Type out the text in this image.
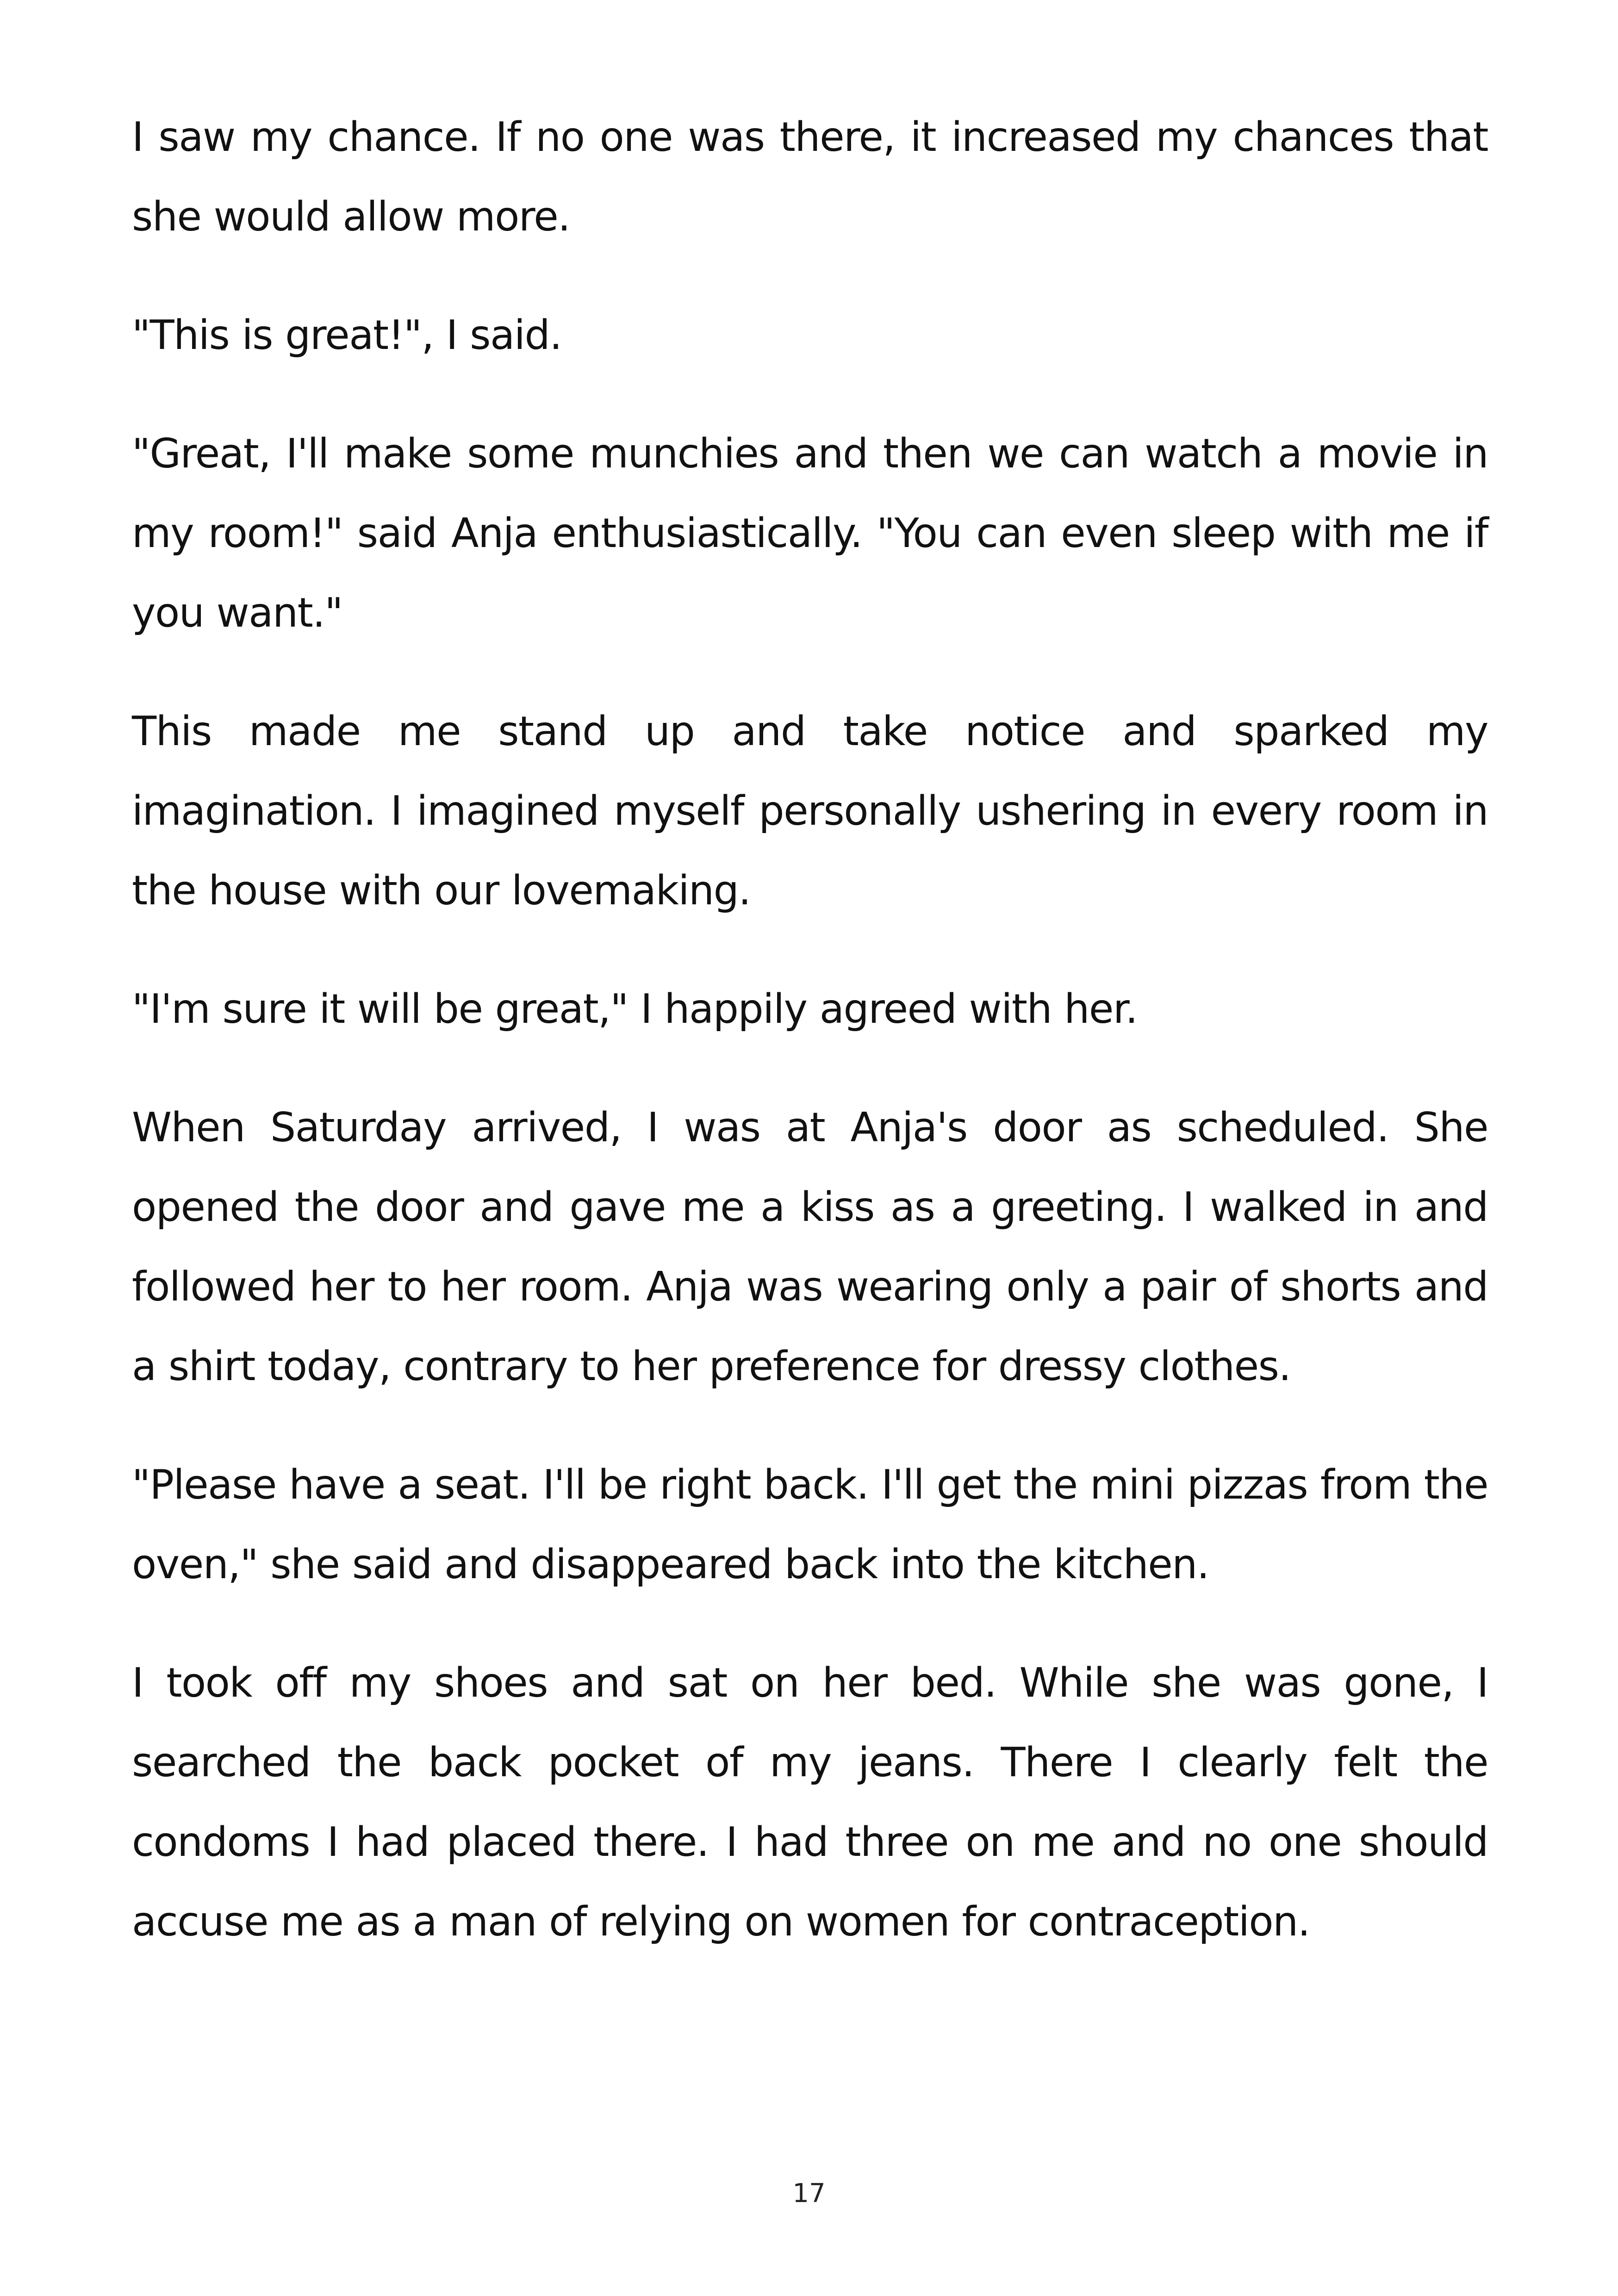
I saw my chance. If no one was there, it increased my chances that she would allow more.

"This is great!", I said.

"Great, I'll make some munchies and then we can watch a movie in my room!" said Anja enthusiastically. "You can even sleep with me if you want."

This made me stand up and take notice and sparked my imagination. I imagined myself personally ushering in every room in the house with our lovemaking.

"I'm sure it will be great," I happily agreed with her.

When Saturday arrived, I was at Anja's door as scheduled. She opened the door and gave me a kiss as a greeting. I walked in and followed her to her room. Anja was wearing only a pair of shorts and a shirt today, contrary to her preference for dressy clothes.

"Please have a seat. I'll be right back. I'll get the mini pizzas from the oven," she said and disappeared back into the kitchen.

I took off my shoes and sat on her bed. While she was gone, I searched the back pocket of my jeans. There I clearly felt the condoms I had placed there. I had three on me and no one should accuse me as a man of relying on women for contraception.

17
